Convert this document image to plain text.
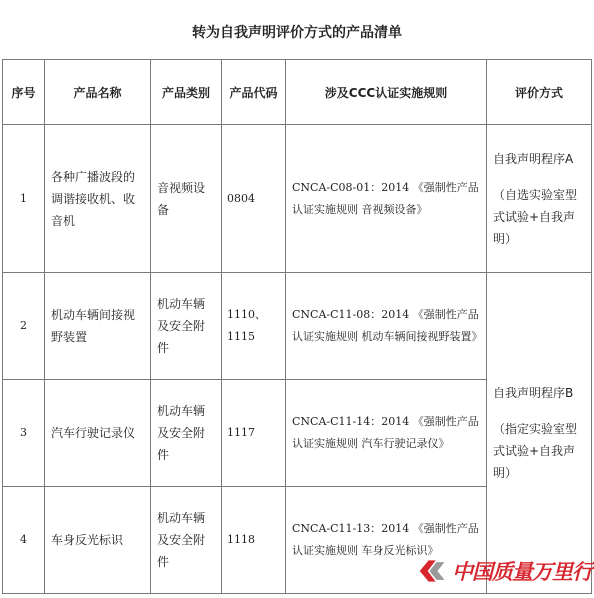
转为自我声明评价方式的产品清单
序号	产品名称	产品类别	产品代码	涉及CCC认证实施规则	评价方式
1	各种广播波段的调谐接收机、收音机	音视频设备	0804	CNCA-C08-01：2014 《强制性产品认证实施规则 音视频设备》	自我声明程序A
（自选实验室型式试验+自我声明）
2	机动车辆间接视野装置	机动车辆及安全附件	1110、1115	CNCA-C11-08：2014 《强制性产品认证实施规则 机动车辆间接视野装置》	自我声明程序B
（指定实验室型式试验+自我声明）
3	汽车行驶记录仪	机动车辆及安全附件	1117	CNCA-C11-14：2014 《强制性产品认证实施规则 汽车行驶记录仪》	
4	车身反光标识	机动车辆及安全附件	1118	CNCA-C11-13：2014 《强制性产品认证实施规则 车身反光标识》	
中国质量万里行
